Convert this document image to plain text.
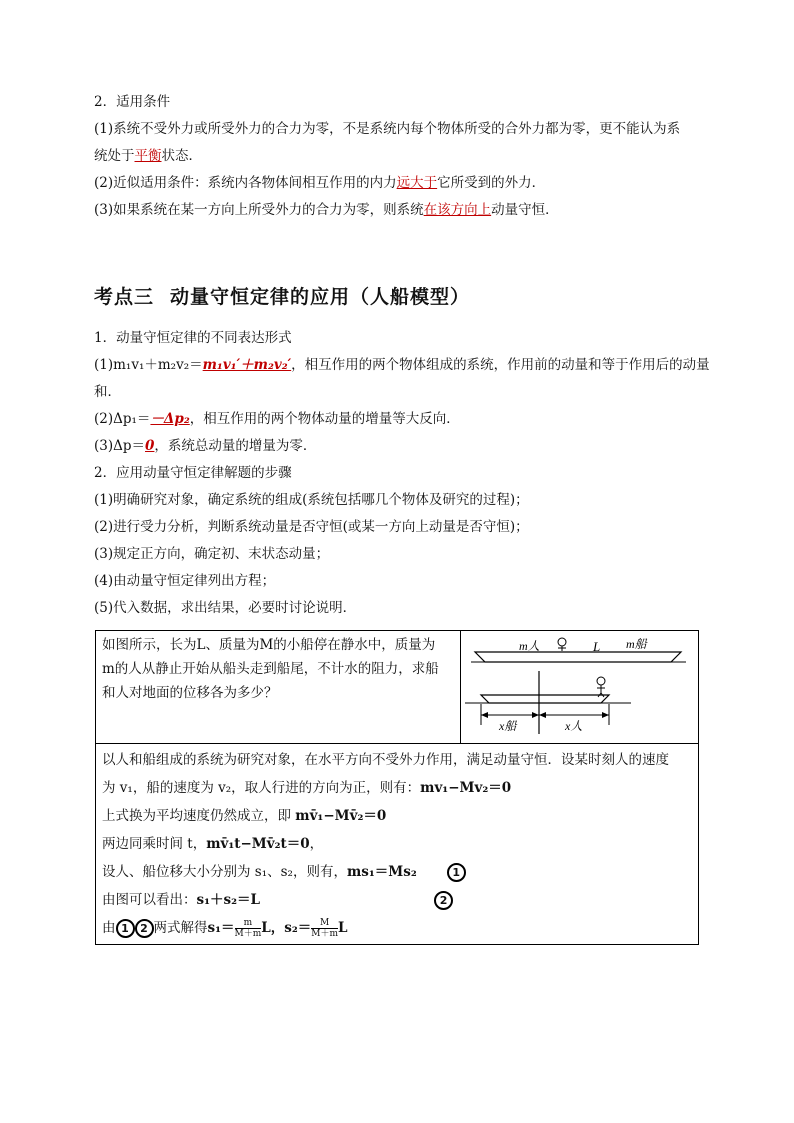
2．适用条件
(1)系统不受外力或所受外力的合力为零，不是系统内每个物体所受的合外力都为零，更不能认为系
统处于平衡状态．
(2)近似适用条件：系统内各物体间相互作用的内力远大于它所受到的外力．
(3)如果系统在某一方向上所受外力的合力为零，则系统在该方向上动量守恒．
考点三 动量守恒定律的应用（人船模型）
1．动量守恒定律的不同表达形式
(1)m₁v₁＋m₂v₂＝m₁v₁′＋m₂v₂′，相互作用的两个物体组成的系统，作用前的动量和等于作用后的动量
和．
(2)Δp₁＝－Δp₂，相互作用的两个物体动量的增量等大反向．
(3)Δp＝0，系统总动量的增量为零．
2．应用动量守恒定律解题的步骤
(1)明确研究对象，确定系统的组成(系统包括哪几个物体及研究的过程)；
(2)进行受力分析，判断系统动量是否守恒(或某一方向上动量是否守恒)；
(3)规定正方向，确定初、末状态动量；
(4)由动量守恒定律列出方程；
(5)代入数据，求出结果，必要时讨论说明．
如图所示，长为L、质量为M的小船停在静水中，质量为
m的人从静止开始从船头走到船尾，不计水的阻力，求船
和人对地面的位移各为多少？

m人	L m船
x船	x人

以人和船组成的系统为研究对象，在水平方向不受外力作用，满足动量守恒．设某时刻人的速度
为 v₁，船的速度为 v₂，取人行进的方向为正，则有：mv₁−Mv₂＝0
上式换为平均速度仍然成立，即 mv̄₁−Mv̄₂＝0
两边同乘时间 t，mv̄₁t−Mv̄₂t＝0，
设人、船位移大小分别为 s₁、s₂，则有，ms₁＝Ms₂	1
由图可以看出：s₁＋s₂＝L	2
由 1 2 两式解得$s_1= \frac{m}{M+m}$ L，$s_2= \frac{M}{M+m}$ L
